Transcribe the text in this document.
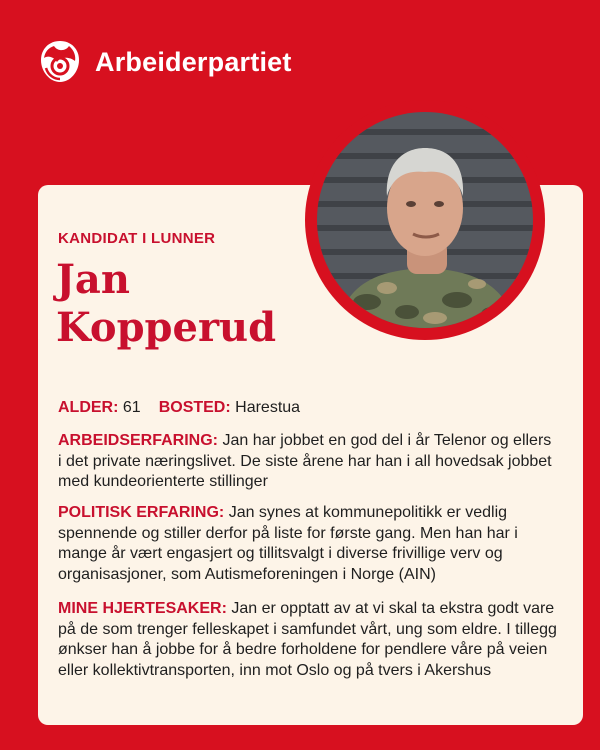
Arbeiderpartiet
KANDIDAT I LUNNER
Jan
Kopperud
ALDER: 61 BOSTED: Harestua
ARBEIDSERFARING: Jan har jobbet en god del i år Telenor og ellers i det private næringslivet. De siste årene har han i all hovedsak jobbet med kundeorienterte stillinger
POLITISK ERFARING: Jan synes at kommunepolitikk er vedlig spennende og stiller derfor på liste for første gang. Men han har i mange år vært engasjert og tillitsvalgt i diverse frivillige verv og organisasjoner, som Autismeforeningen i Norge (AIN)
MINE HJERTESAKER: Jan er opptatt av at vi skal ta ekstra godt vare på de som trenger felleskapet i samfundet vårt, ung som eldre. I tillegg ønkser han å jobbe for å bedre forholdene for pendlere våre på veien eller kollektivtransporten, inn mot Oslo og på tvers i Akershus
